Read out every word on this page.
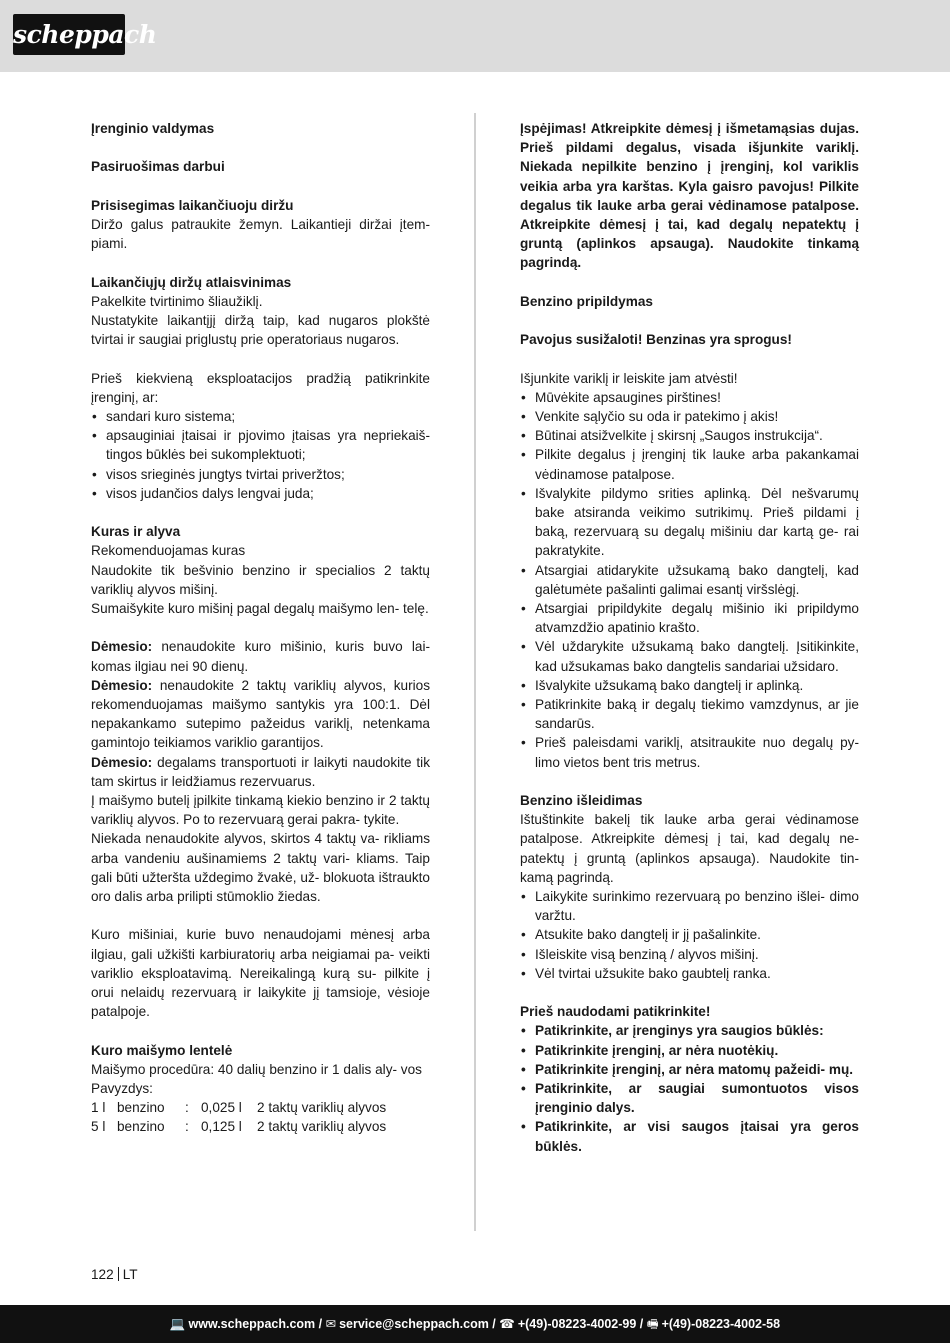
scheppach

Įrenginio valdymas

Pasiruošimas darbui

Prisisegimas laikančiuoju diržu

Diržo galus patraukite žemyn. Laikantieji diržai įtem- piami.

Laikančiųjų diržų atlaisvinimas

Pakelkite tvirtinimo šliaužiklį.

Nustatykite laikantįjį diržą taip, kad nugaros plokštė tvirtai ir saugiai priglustų prie operatoriaus nugaros.

Prieš kiekvieną eksploatacijos pradžią patikrinkite įrenginį, ar:

• sandari kuro sistema;
• apsauginiai įtaisai ir pjovimo įtaisas yra nepriekaiš- tingos būklės bei sukomplektuoti;
• visos srieginės jungtys tvirtai priveržtos;
• visos judančios dalys lengvai juda;

Kuras ir alyva

Rekomenduojamas kuras

Naudokite tik bešvinio benzino ir specialios 2 taktų variklių alyvos mišinį.

Sumaišykite kuro mišinį pagal degalų maišymo len- telę.

Dėmesio: nenaudokite kuro mišinio, kuris buvo lai- komas ilgiau nei 90 dienų.

Dėmesio: nenaudokite 2 taktų variklių alyvos, kurios rekomenduojamas maišymo santykis yra 100:1. Dėl nepakankamo sutepimo pažeidus variklį, netenkama gamintojo teikiamos variklio garantijos.

Dėmesio: degalams transportuoti ir laikyti naudokite tik tam skirtus ir leidžiamus rezervuarus.

Į maišymo butelį įpilkite tinkamą kiekio benzino ir 2 taktų variklių alyvos. Po to rezervuarą gerai pakra- tykite.

Niekada nenaudokite alyvos, skirtos 4 taktų va- rikliams arba vandeniu aušinamiems 2 taktų vari- kliams. Taip gali būti užteršta uždegimo žvakė, už- blokuota ištraukto oro dalis arba prilipti stūmoklio žiedas.

Kuro mišiniai, kurie buvo nenaudojami mėnesį arba ilgiau, gali užkišti karbiuratorių arba neigiamai pa- veikti variklio eksploatavimą. Nereikalingą kurą su- pilkite į orui nelaidų rezervuarą ir laikykite jį tamsioje, vėsioje patalpoje.

Kuro maišymo lentelė

Maišymo procedūra: 40 dalių benzino ir 1 dalis aly- vos

Pavyzdys:

1 l benzino	: 0,025 l	2 taktų variklių alyvos
5 l benzino	: 0,125 l	2 taktų variklių alyvos

Įspėjimas! Atkreipkite dėmesį į išmetamąsias dujas. Prieš pildami degalus, visada išjunkite variklį. Niekada nepilkite benzino į įrenginį, kol variklis veikia arba yra karštas. Kyla gaisro pavojus! Pilkite degalus tik lauke arba gerai vėdinamose patalpose. Atkreipkite dėmesį į tai, kad degalų nepatektų į gruntą (aplinkos apsauga). Naudokite tinkamą pagrindą.

Benzino pripildymas

Pavojus susižaloti! Benzinas yra sprogus!

Išjunkite variklį ir leiskite jam atvėsti!

• Mūvėkite apsaugines pirštines!
• Venkite sąlyčio su oda ir patekimo į akis!
• Būtinai atsižvelkite į skirsnį „Saugos instrukcija“.
• Pilkite degalus į įrenginį tik lauke arba pakankamai vėdinamose patalpose.
• Išvalykite pildymo srities aplinką. Dėl nešvarumų bake atsiranda veikimo sutrikimų. Prieš pildami į baką, rezervuarą su degalų mišiniu dar kartą ge- rai pakratykite.
• Atsargiai atidarykite užsukamą bako dangtelį, kad galėtumėte pašalinti galimai esantį viršslėgį.
• Atsargiai pripildykite degalų mišinio iki pripildymo atvamzdžio apatinio krašto.
• Vėl uždarykite užsukamą bako dangtelį. Įsitikinkite, kad užsukamas bako dangtelis sandariai užsidaro.
• Išvalykite užsukamą bako dangtelį ir aplinką.
• Patikrinkite baką ir degalų tiekimo vamzdynus, ar jie sandarūs.
• Prieš paleisdami variklį, atsitraukite nuo degalų py- limo vietos bent tris metrus.

Benzino išleidimas

Ištuštinkite bakelį tik lauke arba gerai vėdinamose patalpose. Atkreipkite dėmesį į tai, kad degalų ne- patektų į gruntą (aplinkos apsauga). Naudokite tin- kamą pagrindą.

• Laikykite surinkimo rezervuarą po benzino išlei- dimo varžtu.
• Atsukite bako dangtelį ir jį pašalinkite.
• Išleiskite visą benziną / alyvos mišinį.
• Vėl tvirtai užsukite bako gaubtelį ranka.

Prieš naudodami patikrinkite!

• Patikrinkite, ar įrenginys yra saugios būklės:
• Patikrinkite įrenginį, ar nėra nuotėkių.
• Patikrinkite įrenginį, ar nėra matomų pažeidi- mų.
• Patikrinkite, ar saugiai sumontuotos visos įrenginio dalys.
• Patikrinkite, ar visi saugos įtaisai yra geros būklės.
122 LT
💻 www.scheppach.com / ✉ service@scheppach.com / ☎ +(49)-08223-4002-99 / 🖷 +(49)-08223-4002-58
